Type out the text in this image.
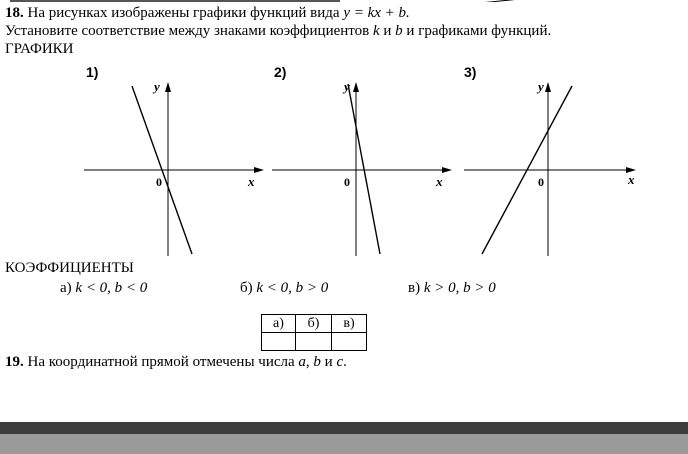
18. На рисунках изображены графики функций вида y = kx + b.
Установите соответствие между знаками коэффициентов k и b и графиками функций.
ГРАФИКИ
1)	2)	3)
y
x
0
y
x
0
y
x
0
КОЭФФИЦИЕНТЫ
а) k < 0, b < 0	б) k < 0, b > 0	в) k > 0, b > 0
а)	б)	в)

19. На координатной прямой отмечены числа a, b и c.
